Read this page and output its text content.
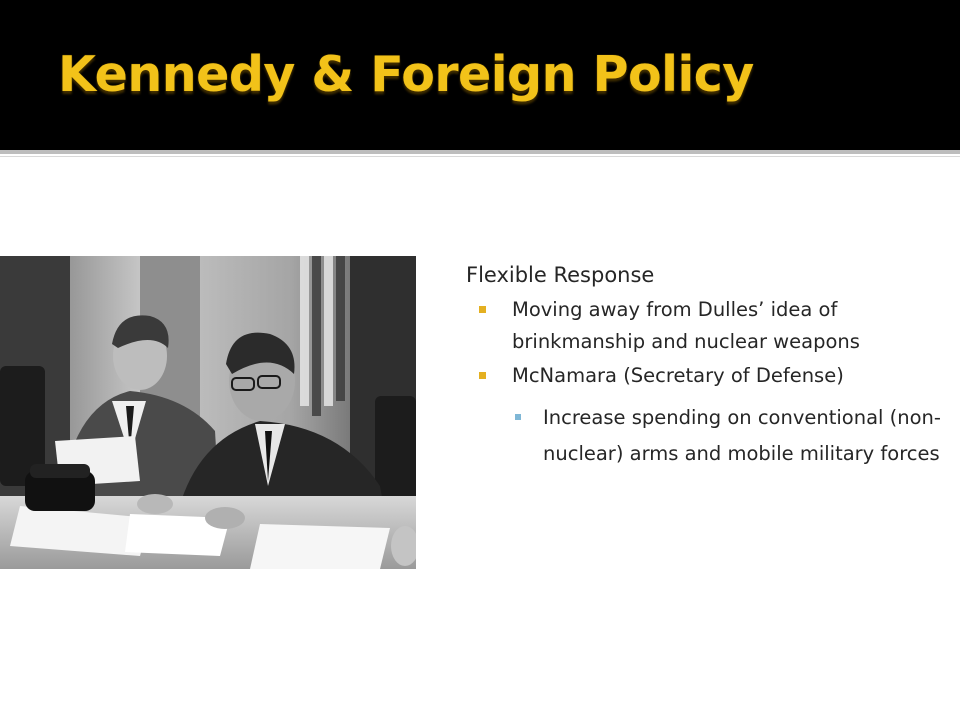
Kennedy & Foreign Policy
Flexible Response
Moving away from Dulles’ idea of brinkmanship and nuclear weapons
McNamara (Secretary of Defense)
Increase spending on conventional (non-nuclear) arms and mobile military forces
